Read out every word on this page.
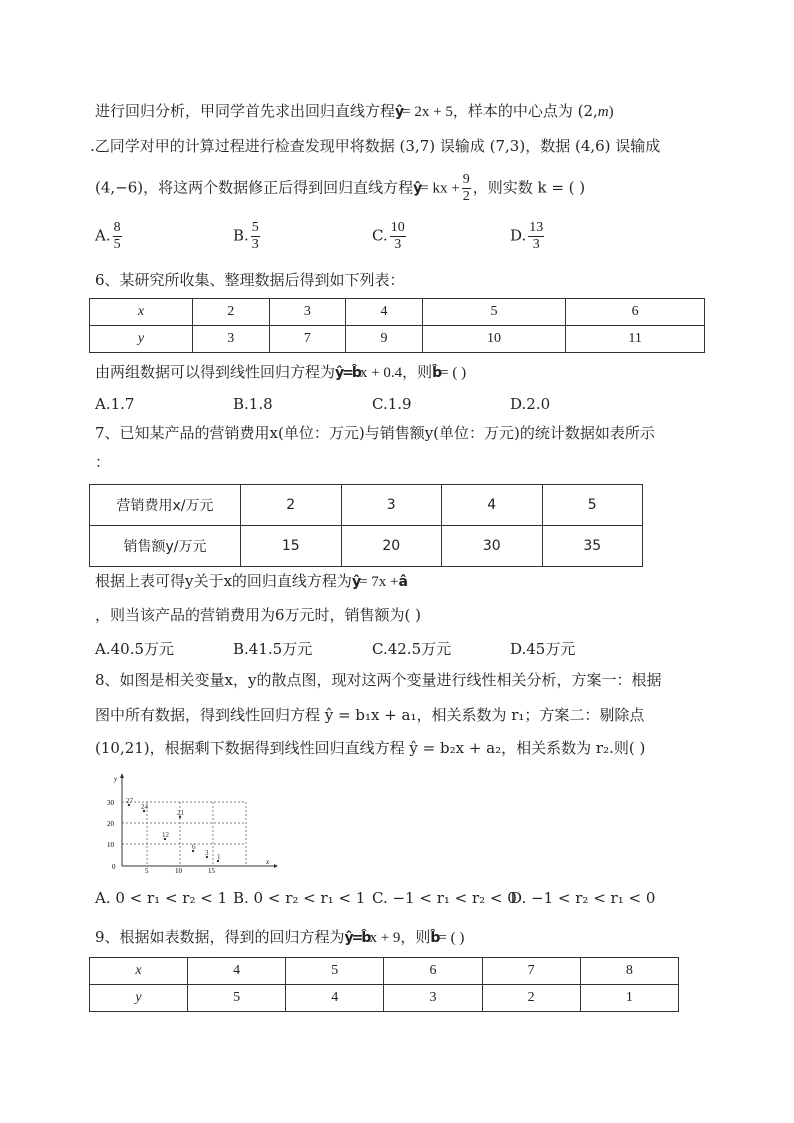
进行回归分析，甲同学首先求出回归直线方程ŷ= 2x + 5，样本的中心点为 (2,m)
.乙同学对甲的计算过程进行检查发现甲将数据 (3,7) 误输成 (7,3)，数据 (4,6) 误输成
(4,−6)，将这两个数据修正后得到回归直线方程ŷ= kx + $\frac{9}{2}$ ，则实数 k = ( )
A. $\frac{8}{5}$	B. $\frac{5}{3}$	C. $\frac{10}{3}$	D. $\frac{13}{3}$
6、某研究所收集、整理数据后得到如下列表：
x	2	3	4	5	6
y	3	7	9	10	11
由两组数据可以得到线性回归方程为ŷ=b̂x + 0.4，则b̂= ( )
A.1.7	B.1.8	C.1.9	D.2.0
7、已知某产品的营销费用x(单位：万元)与销售额y(单位：万元)的统计数据如表所示
：
营销费用x/万元	2	3	4	5
销售额y/万元	15	20	30	35
根据上表可得y关于x的回归直线方程为ŷ= 7x +â
，则当该产品的营销费用为6万元时，销售额为( )
A.40.5万元	B.41.5万元	C.42.5万元	D.45万元
8、如图是相关变量x，y的散点图，现对这两个变量进行线性相关分析，方案一：根据
图中所有数据，得到线性回归方程 ŷ = b₁x + a₁，相关系数为 r₁；方案二：剔除点
(10,21)，根据剩下数据得到线性回归直线方程 ŷ = b₂x + a₂，相关系数为 r₂.则( )
y
x
30
20
10
0	5	10	15
27
24
21
12
6
3 1
A. 0 < r₁ < r₂ < 1 B. 0 < r₂ < r₁ < 1 C. −1 < r₁ < r₂ < 0
D. −1 < r₂ < r₁ < 0
9、根据如表数据，得到的回归方程为ŷ=b̂x + 9，则b̂= ( )
x	4	5	6	7	8
y	5	4	3	2	1
